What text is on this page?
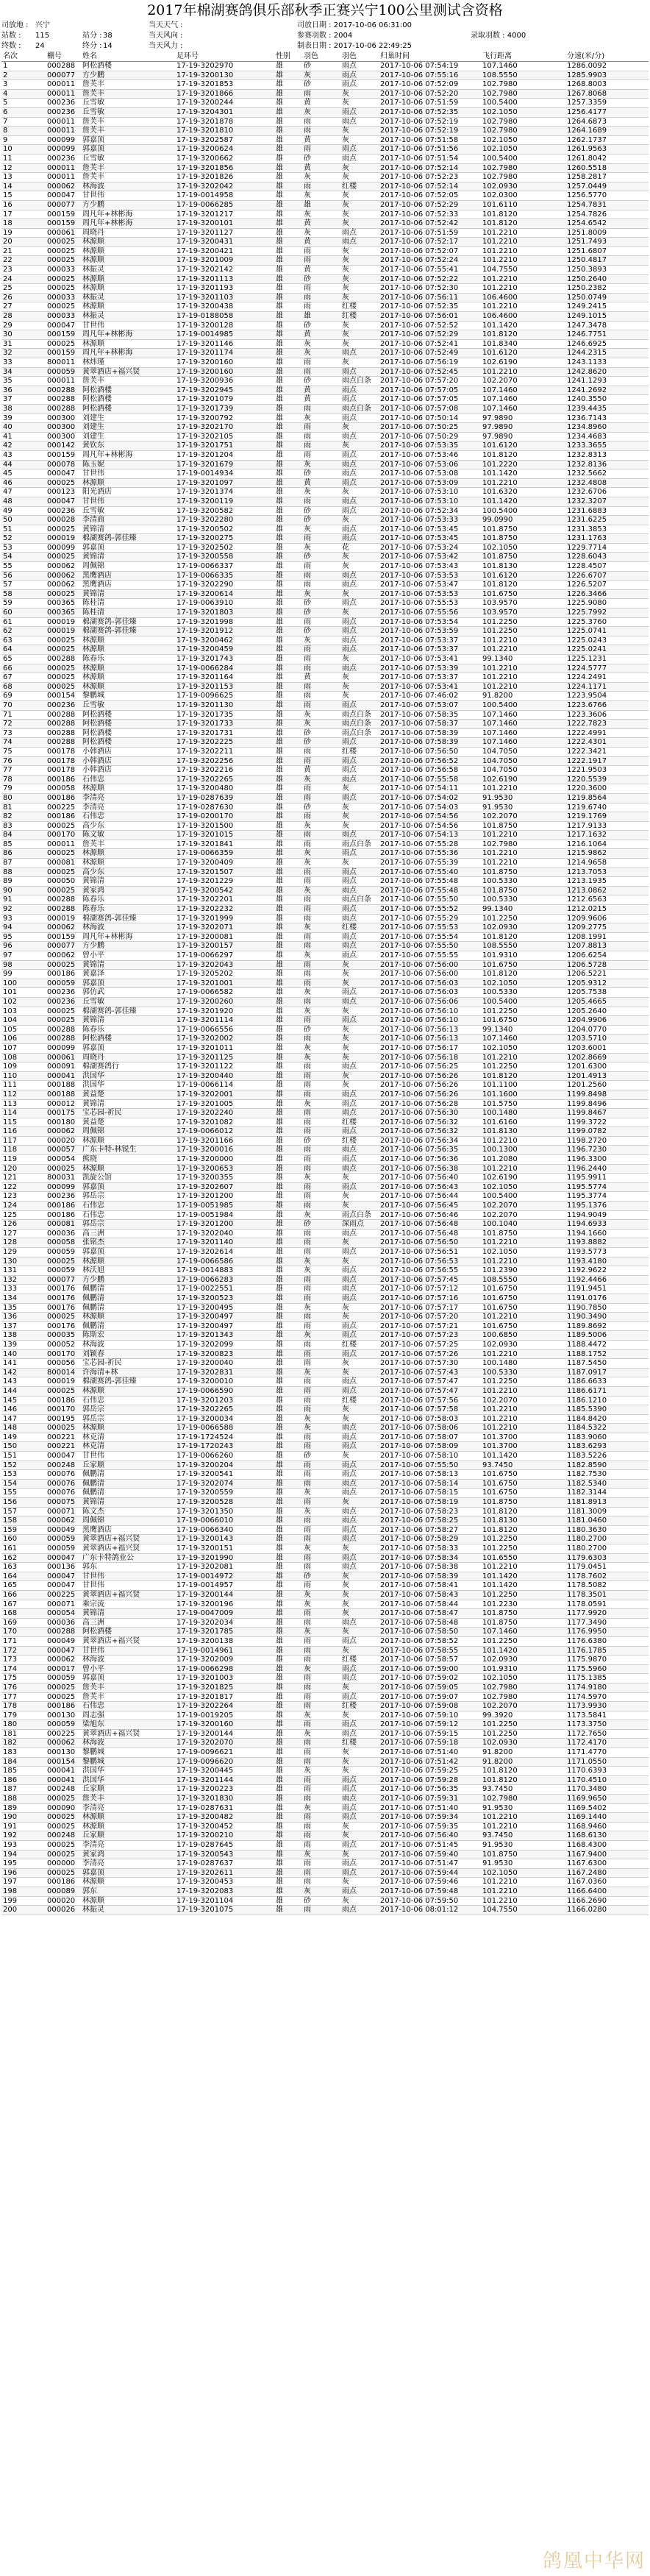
2017年棉湖赛鸽俱乐部秋季正赛兴宁100公里测试含资格
司放地 : 兴宁	当天天气 :	司放日期 : 2017-10-06 06:31:00
站数 :	115	站分 : 38	当天风向 :	参赛羽数 : 2004	录取羽数 : 4000
终数 :	24	终分 : 14	当天风力 :	制表日期 : 2017-10-06 22:49:25
名次	棚号	姓名	足环号	性别	羽色	羽色	归巢时间	飞行距离	分速(米/分)
1	000288	阿松酒楼	17-19-3202970	雄	砂	雨点	2017-10-06 07:54:19	107.1460	1286.0092
2	000077	方少鹏	17-19-3200130	雄	灰	雨点	2017-10-06 07:55:16	108.5550	1285.9903
3	000011	詹芙丰	17-19-3201853	雄	砂	雨点	2017-10-06 07:52:09	102.7980	1268.8003
4	000011	詹芙丰	17-19-3201866	雄	雨	灰	2017-10-06 07:52:20	102.7980	1267.8068
5	000236	丘雪敏	17-19-3200244	雄	黄	灰	2017-10-06 07:51:59	100.5400	1257.3359
6	000236	丘雪敏	17-19-3204301	雄	灰	雨点	2017-10-06 07:52:35	102.1050	1256.4177
7	000011	詹芙丰	17-19-3201878	雄	雨	雨点	2017-10-06 07:52:19	102.7980	1264.6873
8	000011	詹芙丰	17-19-3201810	雄	雨	灰	2017-10-06 07:52:19	102.7980	1264.1689
9	000099	郭嘉顶	17-19-3202587	雄	黄	灰	2017-10-06 07:51:58	102.1050	1262.1737
10	000099	郭嘉顶	17-19-3200624	雄	雨	雨点	2017-10-06 07:51:56	102.1050	1261.9563
11	000236	丘雪敏	17-19-3200662	雄	砂	雨点	2017-10-06 07:51:54	100.5400	1261.8042
12	000011	詹芙丰	17-19-3201856	雄	黄	灰	2017-10-06 07:52:14	102.7980	1260.5518
13	000011	詹芙丰	17-19-3201826	雄	灰	灰	2017-10-06 07:52:23	102.7980	1258.2817
14	000062	林海波	17-19-3202042	雄	雨	红楼	2017-10-06 07:52:14	102.0930	1257.0449
15	000047	甘世伟	17-19-0014958	雄	灰	灰	2017-10-06 07:52:05	102.0300	1256.5770
16	000077	方少鹏	17-19-0066285	雄	雄	灰	2017-10-06 07:52:29	101.6110	1254.7831
17	000159	周凡年+林彬海	17-19-3201217	雄	灰	灰	2017-10-06 07:52:33	101.8120	1254.7826
18	000159	周凡年+林彬海	17-19-3200101	雄	黄	灰	2017-10-06 07:52:42	101.8120	1254.6542
19	000061	周晓丹	17-19-3201127	雄	灰	雨点	2017-10-06 07:51:59	101.2210	1251.8009
20	000025	林源顺	17-19-3200431	雄	黄	雨点	2017-10-06 07:52:17	101.2210	1251.7493
21	000025	林源顺	17-19-3200421	雄	雨	灰	2017-10-06 07:52:07	101.2210	1251.6807
22	000025	林源顺	17-19-3201009	雄	雨	灰	2017-10-06 07:52:24	101.2210	1250.4817
23	000033	林振灵	17-19-3202142	雄	黄	灰	2017-10-06 07:55:41	104.7550	1250.3893
24	000025	林源顺	17-19-3201113	雄	砂	灰	2017-10-06 07:52:22	101.2210	1250.2640
25	000025	林源顺	17-19-3201193	雄	雨	灰	2017-10-06 07:52:30	101.2210	1250.2382
26	000033	林振灵	17-19-3201103	雄	雨	灰	2017-10-06 07:56:11	106.4600	1250.0749
27	000025	林源顺	17-19-3200438	雄	雨	红楼	2017-10-06 07:52:35	101.2210	1249.2415
28	000033	林振灵	17-19-0188058	雄	雄	红楼	2017-10-06 07:56:01	106.4600	1249.1015
29	000047	甘世伟	17-19-3200128	雄	砂	灰	2017-10-06 07:52:52	101.1420	1247.3478
30	000159	周凡年+林彬海	17-19-0014985	雄	黄	灰	2017-10-06 07:52:29	101.8120	1246.7751
31	000025	林源顺	17-19-3201146	雄	灰	灰	2017-10-06 07:52:41	101.8340	1246.6925
32	000159	周凡年+林彬海	17-19-3201174	雄	灰	雨点	2017-10-06 07:52:49	101.6120	1244.2315
33	800011	林炜瑾	17-19-3200160	雄	雨	灰	2017-10-06 07:56:19	102.6190	1243.1133
34	000059	黄翠酒店+福兴贤	17-19-3200160	雄	雨	雨点	2017-10-06 07:52:45	101.2210	1242.8620
35	000011	詹芙丰	17-19-3200936	雄	砂	雨点白条	2017-10-06 07:57:20	102.2070	1241.1293
36	000288	阿松酒楼	17-19-3202945	雄	黄	雨点	2017-10-06 07:57:05	107.1460	1241.2692
37	000288	阿松酒楼	17-19-3201079	雄	黄	雨点	2017-10-06 07:57:05	107.1460	1240.3550
38	000288	阿松酒楼	17-19-3201739	雄	雨	雨点白条	2017-10-06 07:57:08	107.1460	1239.4435
39	000300	刘建生	17-19-3200792	雄	灰	雨点	2017-10-06 07:50:14	97.9890	1236.7143
40	000300	刘建生	17-19-3202170	雄	雨	灰	2017-10-06 07:50:25	97.9890	1234.8960
41	000300	刘建生	17-19-3202105	雄	雨	雨点	2017-10-06 07:50:29	97.9890	1234.4683
42	000142	黄钦东	17-19-3201751	雄	雨	灰	2017-10-06 07:53:35	101.6120	1233.3655
43	000159	周凡年+林彬海	17-19-3201204	雄	雨	雨点	2017-10-06 07:53:46	101.8120	1232.8313
44	000078	陈玉妮	17-19-3201679	雄	灰	雨点	2017-10-06 07:53:06	101.2220	1232.8136
45	000047	甘世伟	17-19-0014934	雄	砂	雨点	2017-10-06 07:53:08	101.1420	1232.5662
46	000025	林源顺	17-19-3201097	雄	黄	雨点	2017-10-06 07:53:09	101.2210	1232.4808
47	000123	阳光酒店	17-19-3201374	雄	灰	灰	2017-10-06 07:53:10	101.6320	1232.6706
48	000047	甘世伟	17-19-3200119	雄	雨	雨点	2017-10-06 07:53:10	101.1420	1232.3207
49	000236	丘雪敏	17-19-3200582	雄	砂	雨点	2017-10-06 07:52:34	100.5400	1231.6883
50	000028	李清商	17-19-3202280	雄	砂	灰	2017-10-06 07:53:33	99.0990	1231.6225
51	000025	黄锦清	17-19-3200502	雄	灰	雨点	2017-10-06 07:53:45	101.8750	1231.3853
52	000019	棉湖赛鸽-郭佳臻	17-19-3200275	雄	雨	雨点	2017-10-06 07:53:45	101.8750	1231.1763
53	000099	郭嘉顶	17-19-3202502	雄	灰	花	2017-10-06 07:53:24	102.1050	1229.7714
54	000025	黄锦清	17-19-3200558	雄	砂	灰	2017-10-06 07:53:42	101.8750	1228.6043
55	000062	周佩锦	17-19-0066337	雄	雨	灰	2017-10-06 07:53:43	101.8130	1228.4507
56	000062	黑鹰酒店	17-19-0066335	雄	雨	雨点	2017-10-06 07:53:53	101.6120	1226.6707
57	000062	黑鹰酒店	17-19-3202290	雄	雨	雨点	2017-10-06 07:53:47	101.8120	1226.5207
58	000025	黄锦清	17-19-3200614	雄	灰	灰	2017-10-06 07:53:53	101.6750	1226.3466
59	000365	陈桂清	17-19-0063910	雄	砂	雨点	2017-10-06 07:55:53	103.9570	1225.9080
60	000365	陈桂清	17-19-3201803	雄	砂	灰	2017-10-06 07:55:56	103.9570	1225.7992
61	000019	棉湖赛鸽-郭佳臻	17-19-3201998	雄	雨	雨点	2017-10-06 07:53:54	101.2250	1225.3760
62	000019	棉湖赛鸽-郭佳臻	17-19-3201912	雄	砂	雨点	2017-10-06 07:53:59	101.2250	1225.0741
63	000025	林源顺	17-19-3200462	雄	灰	雨点	2017-10-06 07:53:37	101.2210	1225.0243
64	000025	林源顺	17-19-3200459	雄	雨	雨点	2017-10-06 07:53:37	101.2210	1225.0241
65	000288	陈春乐	17-19-3201743	雄	雨	灰	2017-10-06 07:53:41	99.1340	1225.1231
66	000025	林源顺	17-19-0066284	雄	雨	雨点	2017-10-06 07:53:39	101.2210	1224.5777
67	000025	林源顺	17-19-3201164	雄	黄	灰	2017-10-06 07:53:37	101.2210	1224.2491
68	000025	林源顺	17-19-3201153	雄	雨	灰	2017-10-06 07:53:41	101.2210	1224.1171
69	000154	黎鹏城	17-19-0096625	雄	雨	灰	2017-10-06 07:46:02	91.8200	1223.9504
70	000236	丘雪敏	17-19-3201130	雄	雨	雨点	2017-10-06 07:53:07	100.5400	1223.6766
71	000288	阿松酒楼	17-19-3201735	雄	灰	雨点白条	2017-10-06 07:58:35	107.1460	1223.3606
72	000288	阿松酒楼	17-19-3201733	雄	灰	雨点白条	2017-10-06 07:58:37	107.1460	1222.7823
73	000288	阿松酒楼	17-19-3201731	雄	砂	雨点白条	2017-10-06 07:58:39	107.1460	1222.4991
74	000288	阿松酒楼	17-19-3202225	雄	砂	雨点	2017-10-06 07:58:39	107.1460	1222.4301
75	000178	小韩酒店	17-19-3202211	雄	雨	红楼	2017-10-06 07:56:50	104.7050	1222.3421
76	000178	小韩酒店	17-19-3202256	雄	雨	雨点	2017-10-06 07:56:52	104.7050	1222.1917
77	000178	小韩酒店	17-19-3202216	雄	黄	雨点	2017-10-06 07:56:58	104.7050	1221.9503
78	000186	石伟忠	17-19-3202265	雄	灰	雨点	2017-10-06 07:55:58	102.6190	1220.5539
79	000058	林源顺	17-19-3200480	雄	雨	灰	2017-10-06 07:54:11	101.2210	1220.3600
80	000186	李清亮	17-19-0287639	雄	雨	雨点	2017-10-06 07:54:02	91.9530	1219.8564
81	000225	李清亮	17-19-0287630	雄	砂	灰	2017-10-06 07:54:03	91.9530	1219.6740
82	000186	石伟忠	17-19-0200170	雄	雨	灰	2017-10-06 07:54:56	102.2070	1219.1769
83	000025	高少东	17-19-3201500	雄	灰	灰	2017-10-06 07:54:56	101.8750	1217.9133
84	000170	陈文敏	17-19-3201015	雄	雨	雨点	2017-10-06 07:54:13	101.2210	1217.1632
85	000011	詹芙丰	17-19-3201841	雄	雨	雨点白条	2017-10-06 07:55:28	102.7980	1216.1064
86	000025	林源顺	17-19-0066359	雄	灰	雨点	2017-10-06 07:55:36	101.2210	1215.9862
87	000081	林源顺	17-19-3200409	雄	灰	灰	2017-10-06 07:55:39	101.2210	1214.9658
88	000025	高少东	17-19-3201507	雄	雨	雨点	2017-10-06 07:55:40	101.8750	1213.7053
89	000050	黄锦清	17-19-3201229	雄	雨	雨点	2017-10-06 07:55:48	100.5330	1213.1935
90	000025	黄家鸿	17-19-3200542	雄	灰	雨点	2017-10-06 07:55:48	101.8750	1213.0862
91	000288	陈春乐	17-19-3202201	雄	雨	雨点白条	2017-10-06 07:55:50	100.5330	1212.6563
92	000288	陈春乐	17-19-3202232	雄	雨	雨点	2017-10-06 07:55:52	99.1340	1212.0215
93	000019	棉湖赛鸽-郭佳臻	17-19-3201999	雄	雨	雨点	2017-10-06 07:55:29	101.2250	1209.9606
94	000062	林海波	17-19-3202071	雄	灰	红楼	2017-10-06 07:55:53	102.0930	1209.2775
95	000159	周凡年+林彬海	17-19-3200081	雄	雨	雨点	2017-10-06 07:55:54	101.8120	1208.1991
96	000077	方少鹏	17-19-3200157	雄	雨	雨点	2017-10-06 07:55:50	108.5550	1207.8813
97	000062	曾小平	17-19-0066297	雄	灰	雨点	2017-10-06 07:55:55	101.9310	1206.6254
98	000025	黄锦清	17-19-3202043	雄	雨	灰	2017-10-06 07:56:00	101.6750	1206.5728
99	000186	黄嘉泽	17-19-3205202	雄	雨	灰	2017-10-06 07:56:00	101.8120	1206.5221
100	000059	郭嘉顶	17-19-3201001	雄	雨	灰	2017-10-06 07:56:03	102.1050	1205.9312
101	000236	郭仿武	17-19-0066582	雄	灰	雨点	2017-10-06 07:56:03	100.5330	1205.7538
102	000236	丘雪敏	17-19-3200260	雄	雨	雨点	2017-10-06 07:56:06	100.5400	1205.4665
103	000025	棉湖赛鸽-郭佳臻	17-19-3201920	雄	灰	灰	2017-10-06 07:56:10	101.2250	1205.2640
104	000025	黄锦清	17-19-3201114	雄	雨	雨点	2017-10-06 07:56:10	101.6750	1204.9906
105	000288	陈春乐	17-19-0066556	雄	砂	灰	2017-10-06 07:56:13	99.1340	1204.0770
106	000288	阿松酒楼	17-19-3202002	雄	雨	灰	2017-10-06 07:56:13	107.1460	1203.5710
107	000099	郭嘉顶	17-19-3201011	雄	灰	灰	2017-10-06 07:56:17	102.1050	1203.6001
108	000061	周晓丹	17-19-3201125	雄	灰	灰	2017-10-06 07:56:18	101.2210	1202.8669
109	000091	棉湖赛鸽行	17-19-3201122	雄	雨	雨点	2017-10-06 07:56:25	101.2250	1201.6300
110	000041	洪国华	17-19-3200440	雄	雨	灰	2017-10-06 07:56:26	101.8120	1201.4913
111	000188	洪国华	17-19-0066114	雄	雨	灰	2017-10-06 07:56:26	101.1100	1201.2560
112	000188	黄益楚	17-19-3202001	雄	雨	雨点	2017-10-06 07:56:26	101.1600	1199.8498
113	000012	黄锦清	17-19-3201005	雄	灰	雨点	2017-10-06 07:56:28	101.5750	1199.8496
114	000175	宝芯园-祈民	17-19-3202240	雄	雨	雨点	2017-10-06 07:56:30	100.1480	1199.8467
115	000180	黄益楚	17-19-3201082	雄	雨	红楼	2017-10-06 07:56:32	101.6160	1199.3722
116	000062	周佩锦	17-19-0066012	雄	雨	雨点	2017-10-06 07:56:32	101.8130	1199.0782
117	000020	林源顺	17-19-3201166	雄	砂	红楼	2017-10-06 07:56:34	101.2210	1198.2720
118	000057	广东卡特-林锐生	17-19-3200016	雄	雨	雨点	2017-10-06 07:56:35	100.1300	1196.7230
119	000054	熊晓	17-19-3200000	雄	雨	雨点	2017-10-06 07:56:36	101.2080	1196.3300
120	000025	林源顺	17-19-3200653	雄	雨	雨点	2017-10-06 07:56:38	101.2210	1196.2440
121	800031	凯旋公馆	17-19-3200355	雄	灰	灰	2017-10-06 07:56:40	102.6190	1195.9911
122	000099	郭嘉顶	17-19-3202607	雄	雨	雨点	2017-10-06 07:56:43	102.1050	1195.5774
123	000236	郭岳宗	17-19-3201200	雄	雨	灰	2017-10-06 07:56:44	100.5400	1195.3774
124	000186	石伟忠	17-19-0051985	雄	雨	灰	2017-10-06 07:56:45	102.2070	1195.1376
125	000186	石伟忠	17-19-0051984	雄	灰	雨点白条	2017-10-06 07:56:46	102.2070	1194.9049
126	000081	郭岳宗	17-19-3201200	雄	砂	深雨点	2017-10-06 07:56:48	100.1040	1194.6933
127	000036	高三洲	17-19-3202040	雄	雨	雨点	2017-10-06 07:56:48	101.8750	1194.1660
128	000058	张铭杰	17-19-3201140	雄	雨	灰	2017-10-06 07:56:50	101.2210	1193.8882
129	000059	郭嘉顶	17-19-3202614	雄	雨	雨点	2017-10-06 07:56:51	102.1050	1193.5773
130	000025	林源顺	17-19-0066586	雄	灰	灰	2017-10-06 07:56:53	101.2210	1193.4180
131	000059	林沃旭	17-19-0014883	雄	灰	雨点	2017-10-06 07:56:55	101.2390	1192.9622
132	000077	方少鹏	17-19-0066283	雄	雨	雨点	2017-10-06 07:57:45	108.5550	1192.4466
133	000176	佩鹏清	17-19-0022551	雄	雨	雨点	2017-10-06 07:57:12	101.6750	1191.9451
134	000176	佩鹏清	17-19-3200523	雄	雨	雨点	2017-10-06 07:57:16	101.6750	1191.0176
135	000176	佩鹏清	17-19-3200495	雄	灰	灰	2017-10-06 07:57:17	101.6750	1190.7850
136	000025	林源顺	17-19-3200497	雄	雨	灰	2017-10-06 07:57:20	101.2210	1190.3490
137	000176	佩鹏清	17-19-3200497	雄	雨	雨点	2017-10-06 07:57:21	101.6750	1189.8692
138	000035	陈斯宏	17-19-3201343	雄	灰	雨点	2017-10-06 07:57:23	100.6850	1189.5006
139	000052	林海波	17-19-3202099	雄	雨	红楼	2017-10-06 07:57:25	102.0930	1188.4472
140	000170	刘颖春	17-19-3200823	雄	雨	雨点	2017-10-06 07:57:26	101.2210	1188.1752
141	000056	宝芯园-祈民	17-19-3200040	雄	雨	灰	2017-10-06 07:57:30	100.1480	1187.5450
142	800014	许海清+林	17-19-3202831	雄	灰	灰	2017-10-06 07:57:43	100.5330	1187.0917
143	000019	棉湖赛鸽-郭佳臻	17-19-3200010	雄	雨	雨点	2017-10-06 07:57:47	101.2250	1186.6633
144	000025	林源顺	17-19-0066590	雄	雨	雨点	2017-10-06 07:57:47	101.2210	1186.6171
145	000186	石伟忠	17-19-3201203	雄	雨	红楼	2017-10-06 07:57:56	102.2070	1186.1210
146	000170	郭岳宗	17-19-3202265	雄	雨	灰	2017-10-06 07:57:58	101.2210	1185.5390
147	000195	郭岳宗	17-19-3200034	雄	灰	灰	2017-10-06 07:58:03	101.2210	1184.8420
148	000025	林源顺	17-19-0066588	雄	灰	雨点	2017-10-06 07:58:06	101.2210	1184.5322
149	000221	林克清	17-19-1724524	雄	雨	雨点	2017-10-06 07:58:07	101.3700	1183.9060
150	000221	林克清	17-19-1720243	雄	雨	雨点	2017-10-06 07:58:09	101.3700	1183.6293
151	000047	甘世伟	17-19-0066260	雄	砂	灰	2017-10-06 07:58:10	101.1420	1183.5226
152	000248	丘家顺	17-19-3200204	雄	雨	雨点	2017-10-06 07:55:50	93.7450	1182.8590
153	000076	佩鹏清	17-19-3200541	雄	雨	雨点	2017-10-06 07:58:13	101.6750	1182.7530
154	000076	佩鹏清	17-19-3202074	雄	雨	雨点	2017-10-06 07:58:14	101.6750	1182.5340
155	000076	佩鹏清	17-19-3200559	雄	灰	雨点	2017-10-06 07:58:15	101.6750	1182.3144
156	000075	黄锦清	17-19-3200528	雄	雨	灰	2017-10-06 07:58:19	101.8750	1181.8913
157	000071	陈文杰	17-19-3201350	雄	灰	雨点	2017-10-06 07:58:23	101.8120	1181.3009
158	000062	周佩锦	17-19-0066010	雄	雨	雨点	2017-10-06 07:58:25	101.8130	1181.0460
159	000049	黑鹰酒店	17-19-0066340	雄	雨	雨点	2017-10-06 07:58:27	101.8120	1180.3630
160	000059	黄翠酒店+福兴贤	17-19-3200143	雄	雨	雨点	2017-10-06 07:58:29	101.2250	1180.2700
161	000059	黄翠酒店+福兴贤	17-19-3200151	雄	灰	灰	2017-10-06 07:58:33	101.2250	1180.2700
162	000047	广东卡特鸽业公	17-19-3201990	雄	雨	雨点	2017-10-06 07:58:34	101.6550	1179.6303
163	000136	郭东	17-19-3202081	雄	雨	雨点	2017-10-06 07:58:38	101.2210	1179.0451
164	000047	甘世伟	17-19-0014972	雄	砂	灰	2017-10-06 07:58:39	101.1420	1178.7602
165	000047	甘世伟	17-19-0014957	雄	雨	灰	2017-10-06 07:58:41	101.1420	1178.5082
166	000225	黄翠酒店+福兴贤	17-19-3200144	雄	灰	灰	2017-10-06 07:58:43	101.2250	1178.3501
167	000071	乘宗流	17-19-3200196	雄	灰	灰	2017-10-06 07:58:44	101.2230	1178.0591
168	000054	黄锦清	17-19-0047009	雄	雨	灰	2017-10-06 07:58:47	101.8750	1177.9920
169	000036	高三洲	17-19-3202034	雄	雨	雨点	2017-10-06 07:58:48	101.8750	1177.3490
170	000288	阿松酒楼	17-19-3201785	雄	灰	灰	2017-10-06 07:58:50	107.1460	1176.9950
171	000049	黄翠酒店+福兴贤	17-19-3200138	雄	雨	雨点	2017-10-06 07:58:52	101.2250	1176.6380
172	000047	甘世伟	17-19-0014961	雄	雨	灰	2017-10-06 07:58:55	101.1420	1176.1785
173	000062	林海波	17-19-3202009	雄	雨	红楼	2017-10-06 07:58:57	102.0930	1175.9870
174	000017	曾小平	17-19-0066298	雄	灰	雨点	2017-10-06 07:59:00	101.9310	1175.5960
175	000059	郭嘉顶	17-19-3201003	雄	雨	雨点	2017-10-06 07:59:02	102.1050	1175.1385
176	000025	詹芙丰	17-19-3201825	雄	雨	灰	2017-10-06 07:59:05	102.7980	1174.9180
177	000025	詹芙丰	17-19-3201817	雄	雨	雨点	2017-10-06 07:59:07	102.7980	1174.5970
178	000186	石伟忠	17-19-3202264	雄	雨	红楼	2017-10-06 07:59:08	102.2070	1173.9930
179	000130	周志强	17-19-0019205	雄	灰	灰	2017-10-06 07:59:10	99.3920	1173.5841
180	000059	梁旭东	17-19-3200160	雄	雨	雨点	2017-10-06 07:59:12	101.2250	1173.3750
181	000225	黄翠酒店+福兴贤	17-19-3200144	雄	灰	雨点	2017-10-06 07:59:15	101.2250	1172.7650
182	000062	林海波	17-19-3202070	雄	雨	红楼	2017-10-06 07:59:18	102.0930	1172.4170
183	000130	黎鹏城	17-19-0096621	雄	雨	灰	2017-10-06 07:51:40	91.8200	1171.4770
184	000154	黎鹏城	17-19-0096620	雄	雨	灰	2017-10-06 07:51:42	91.8200	1171.0550
185	000041	洪国华	17-19-3200445	雄	灰	灰	2017-10-06 07:59:25	101.8120	1170.6393
186	000041	洪国华	17-19-3201144	雄	雨	雨点	2017-10-06 07:59:28	101.8120	1170.4510
187	000248	丘家顺	17-19-3200223	雄	雨	雨点	2017-10-06 07:56:35	93.7450	1170.3480
188	000025	詹芙丰	17-19-3201830	雄	雨	雨点	2017-10-06 07:59:31	102.7980	1169.9650
189	000090	李清亮	17-19-0287631	雄	灰	雨点	2017-10-06 07:51:40	91.9530	1169.5402
190	000025	林源顺	17-19-3200482	雄	雨	雨点	2017-10-06 07:59:34	101.2210	1169.1440
191	000025	林源顺	17-19-3200452	雄	雨	灰	2017-10-06 07:59:35	101.2210	1168.9460
192	000248	丘家顺	17-19-3200210	雄	雨	灰	2017-10-06 07:56:40	93.7450	1168.6130
193	000025	李清亮	17-19-0287645	雄	雨	雨点	2017-10-06 07:51:45	91.9530	1168.4300
194	000025	黄家鸿	17-19-3200543	雄	灰	灰	2017-10-06 07:59:40	101.8750	1167.9400
195	000000	李清亮	17-19-0287637	雄	雨	雨点	2017-10-06 07:51:47	91.9530	1167.6300
196	000025	郭嘉顶	17-19-3202611	雄	雨	雨点	2017-10-06 07:59:44	102.1050	1167.2480
197	000186	林源顺	17-19-3200453	雄	雨	灰	2017-10-06 07:59:46	101.2210	1167.0360
198	000089	郭东	17-19-3202083	雄	灰	雨点	2017-10-06 07:59:48	101.2210	1166.6400
199	000020	林源顺	17-19-3201104	雄	砂	灰	2017-10-06 07:59:50	101.2210	1166.2690
200	000026	林振灵	17-19-3201075	雄	雨	雨点	2017-10-06 08:01:12	104.7550	1166.0280
鸽凰中华网
